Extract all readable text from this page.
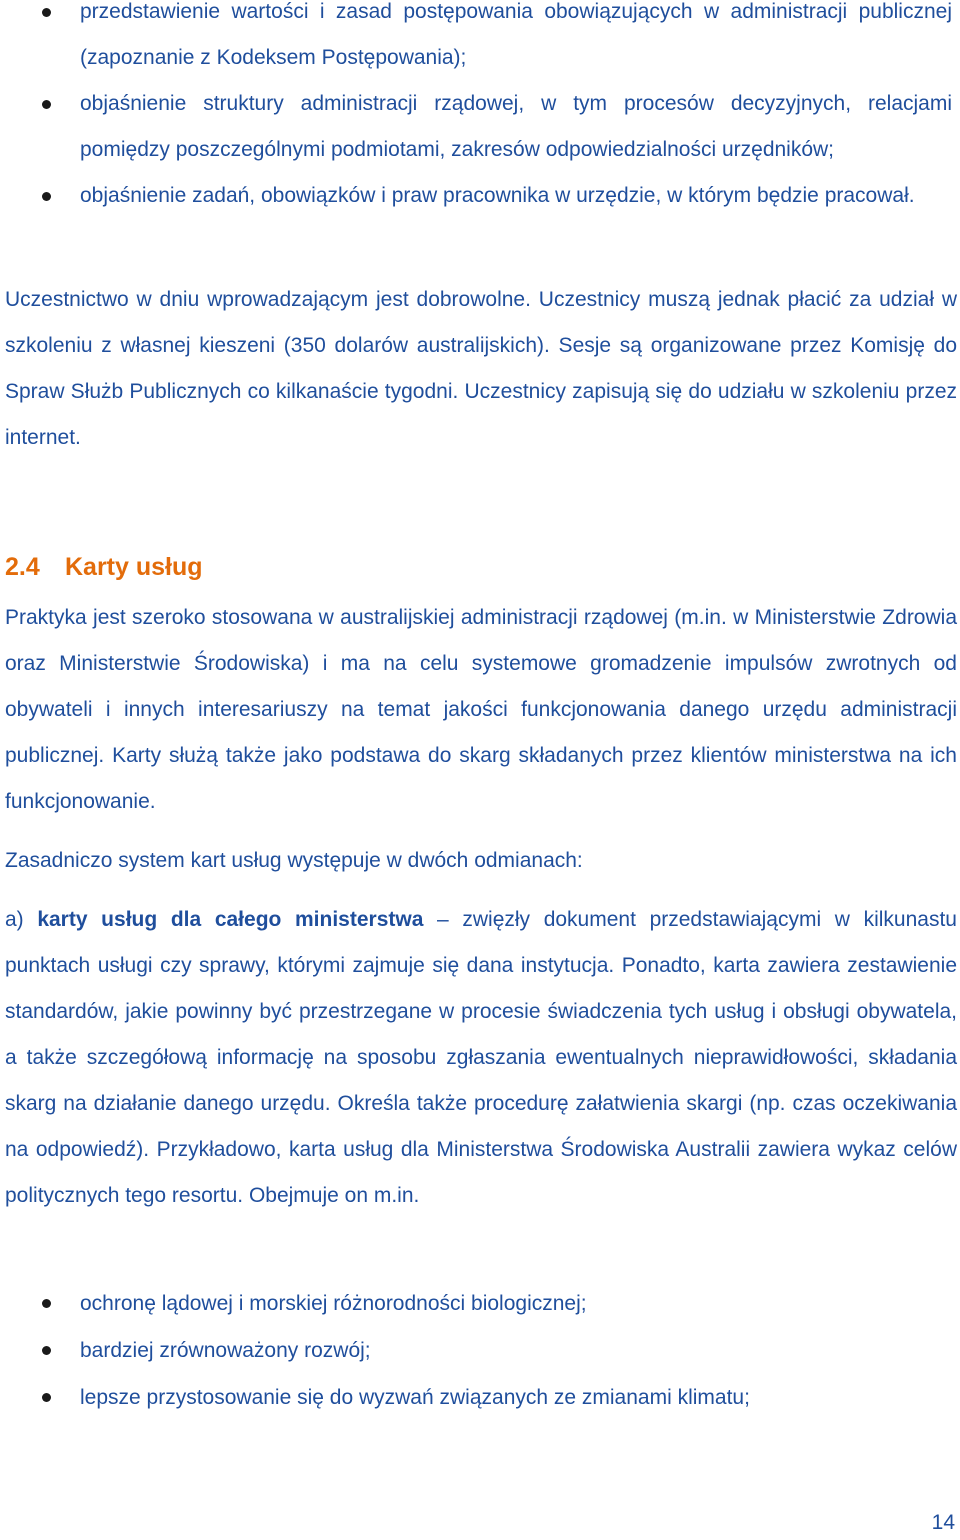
przedstawienie wartości i zasad postępowania obowiązujących w administracji publicznej (zapoznanie z Kodeksem Postępowania);
objaśnienie struktury administracji rządowej, w tym procesów decyzyjnych, relacjami pomiędzy poszczególnymi podmiotami, zakresów odpowiedzialności urzędników;
objaśnienie zadań, obowiązków i praw pracownika w urzędzie, w którym będzie pracował.

Uczestnictwo w dniu wprowadzającym jest dobrowolne. Uczestnicy muszą jednak płacić za udział w szkoleniu z własnej kieszeni (350 dolarów australijskich). Sesje są organizowane przez Komisję do Spraw Służb Publicznych co kilkanaście tygodni. Uczestnicy zapisują się do udziału w szkoleniu przez internet.

2.4 Karty usług

Praktyka jest szeroko stosowana w australijskiej administracji rządowej (m.in. w Ministerstwie Zdrowia oraz Ministerstwie Środowiska) i ma na celu systemowe gromadzenie impulsów zwrotnych od obywateli i innych interesariuszy na temat jakości funkcjonowania danego urzędu administracji publicznej. Karty służą także jako podstawa do skarg składanych przez klientów ministerstwa na ich funkcjonowanie.

Zasadniczo system kart usług występuje w dwóch odmianach:

a) karty usług dla całego ministerstwa – zwięzły dokument przedstawiającymi w kilkunastu punktach usługi czy sprawy, którymi zajmuje się dana instytucja. Ponadto, karta zawiera zestawienie standardów, jakie powinny być przestrzegane w procesie świadczenia tych usług i obsługi obywatela, a także szczegółową informację na sposobu zgłaszania ewentualnych nieprawidłowości, składania skarg na działanie danego urzędu. Określa także procedurę załatwienia skargi (np. czas oczekiwania na odpowiedź). Przykładowo, karta usług dla Ministerstwa Środowiska Australii zawiera wykaz celów politycznych tego resortu. Obejmuje on m.in.

ochronę lądowej i morskiej różnorodności biologicznej;
bardziej zrównoważony rozwój;
lepsze przystosowanie się do wyzwań związanych ze zmianami klimatu;
14
